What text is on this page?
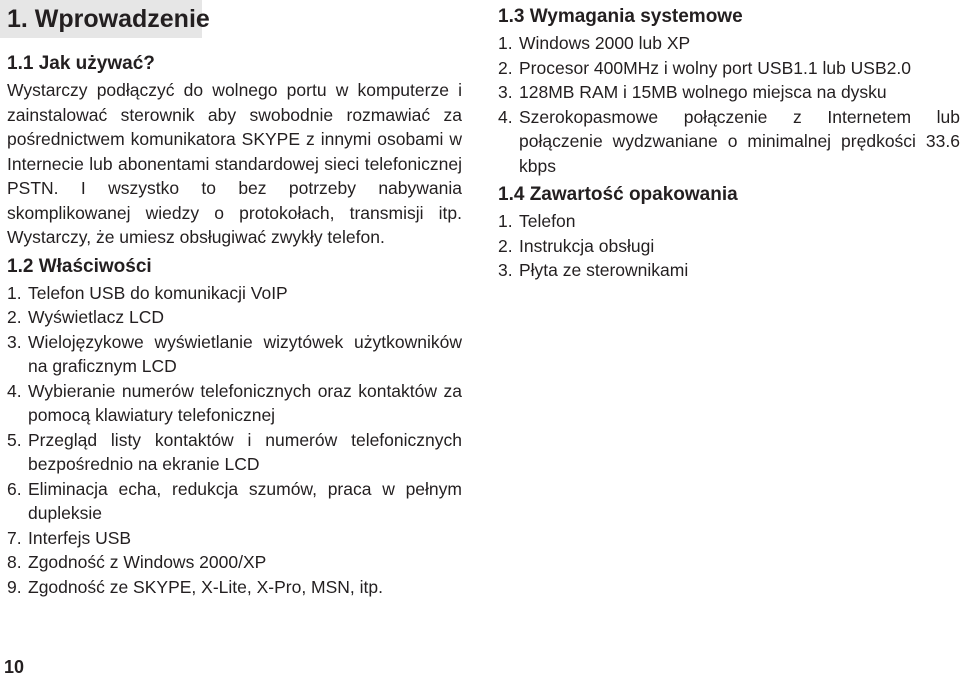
1. Wprowadzenie
1.1 Jak używać?

Wystarczy podłączyć do wolnego portu w komputerze i zainstalować sterownik aby swobodnie rozmawiać za pośrednictwem komunikatora SKYPE z innymi osobami w Internecie lub abonentami standardowej sieci telefonicznej PSTN. I wszystko to bez potrzeby nabywania skomplikowanej wiedzy o protokołach, transmisji itp. Wystarczy, że umiesz obsługiwać zwykły telefon.

1.2 Właściwości
1. Telefon USB do komunikacji VoIP
2. Wyświetlacz LCD
3. Wielojęzykowe wyświetlanie wizytówek użytkowników na graficznym LCD
4. Wybieranie numerów telefonicznych oraz kontaktów za pomocą klawiatury telefonicznej
5. Przegląd listy kontaktów i numerów telefonicznych bezpośrednio na ekranie LCD
6. Eliminacja echa, redukcja szumów, praca w pełnym dupleksie
7. Interfejs USB
8. Zgodność z Windows 2000/XP
9. Zgodność ze SKYPE, X-Lite, X-Pro, MSN, itp.
1.3 Wymagania systemowe
1. Windows 2000 lub XP
2. Procesor 400MHz i wolny port USB1.1 lub USB2.0
3. 128MB RAM i 15MB wolnego miejsca na dysku
4. Szerokopasmowe połączenie z Internetem lub połączenie wydzwaniane o minimalnej prędkości 33.6 kbps
1.4 Zawartość opakowania
1. Telefon
2. Instrukcja obsługi
3. Płyta ze sterownikami
10
